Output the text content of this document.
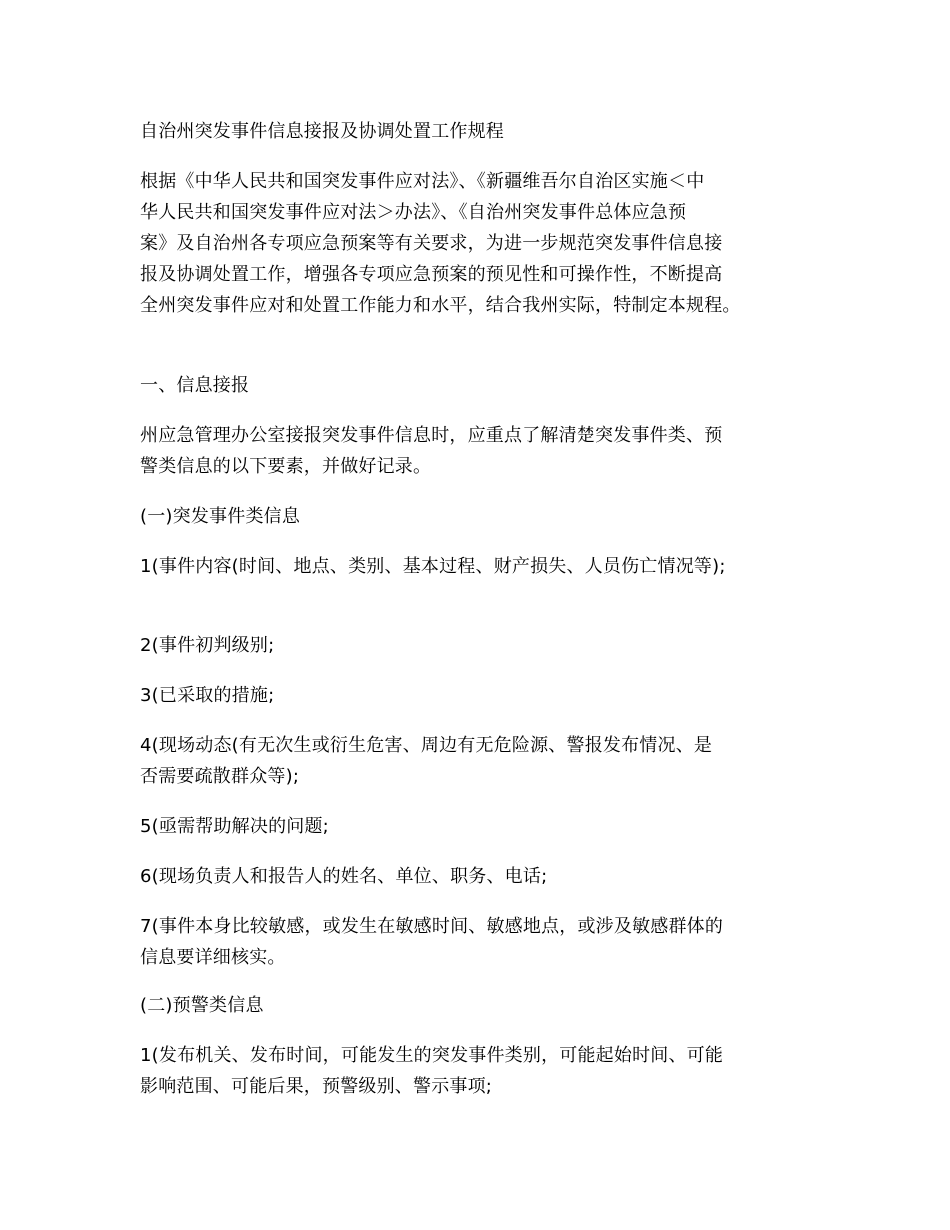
自治州突发事件信息接报及协调处置工作规程

根据《中华人民共和国突发事件应对法》、《新疆维吾尔自治区实施＜中

华人民共和国突发事件应对法＞办法》、《自治州突发事件总体应急预

案》及自治州各专项应急预案等有关要求，为进一步规范突发事件信息接

报及协调处置工作，增强各专项应急预案的预见性和可操作性，不断提高

全州突发事件应对和处置工作能力和水平，结合我州实际，特制定本规程。

一、信息接报

州应急管理办公室接报突发事件信息时，应重点了解清楚突发事件类、预

警类信息的以下要素，并做好记录。

(一)突发事件类信息

1(事件内容(时间、地点、类别、基本过程、财产损失、人员伤亡情况等);

2(事件初判级别;

3(已采取的措施;

4(现场动态(有无次生或衍生危害、周边有无危险源、警报发布情况、是

否需要疏散群众等);

5(亟需帮助解决的问题;

6(现场负责人和报告人的姓名、单位、职务、电话;

7(事件本身比较敏感，或发生在敏感时间、敏感地点，或涉及敏感群体的

信息要详细核实。

(二)预警类信息

1(发布机关、发布时间，可能发生的突发事件类别，可能起始时间、可能

影响范围、可能后果，预警级别、警示事项;
